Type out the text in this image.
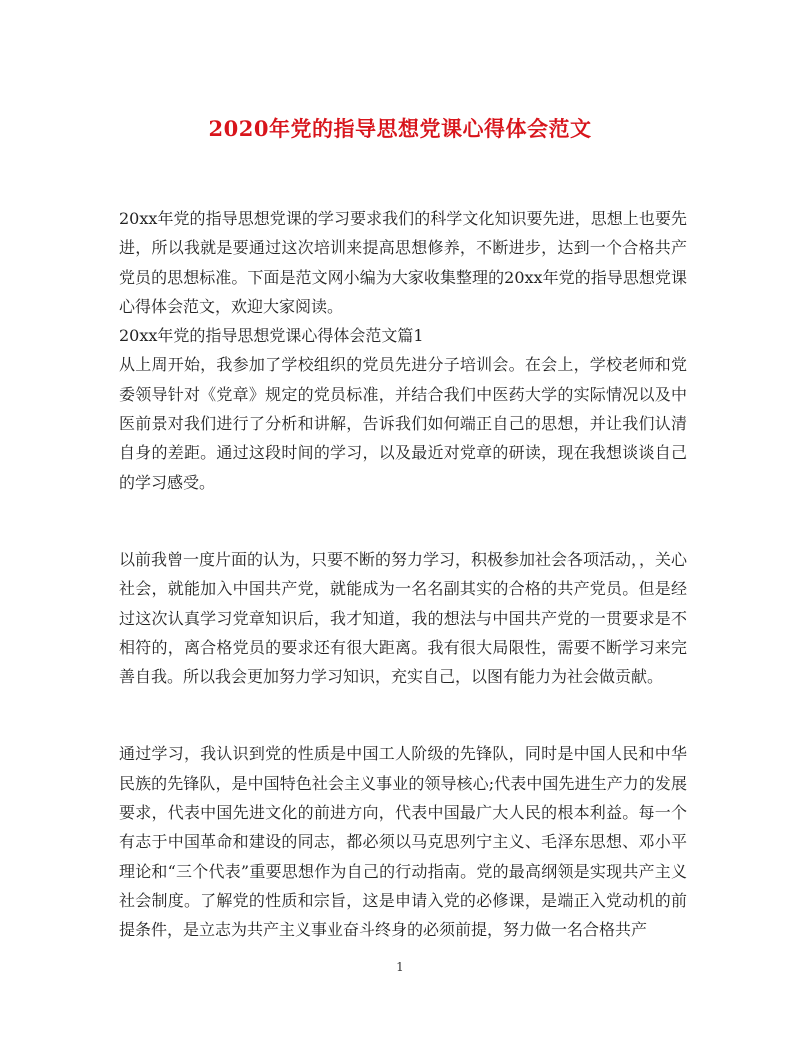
2020年党的指导思想党课心得体会范文

20xx年党的指导思想党课的学习要求我们的科学文化知识要先进，思想上也要先进，所以我就是要通过这次培训来提高思想修养，不断进步，达到一个合格共产党员的思想标准。下面是范文网小编为大家收集整理的20xx年党的指导思想党课心得体会范文，欢迎大家阅读。

20xx年党的指导思想党课心得体会范文篇1

从上周开始，我参加了学校组织的党员先进分子培训会。在会上，学校老师和党委领导针对《党章》规定的党员标准，并结合我们中医药大学的实际情况以及中医前景对我们进行了分析和讲解，告诉我们如何端正自己的思想，并让我们认清自身的差距。通过这段时间的学习，以及最近对党章的研读，现在我想谈谈自己的学习感受。

以前我曾一度片面的认为，只要不断的努力学习，积极参加社会各项活动，，关心社会，就能加入中国共产党，就能成为一名名副其实的合格的共产党员。但是经过这次认真学习党章知识后，我才知道，我的想法与中国共产党的一贯要求是不相符的，离合格党员的要求还有很大距离。我有很大局限性，需要不断学习来完善自我。所以我会更加努力学习知识，充实自己，以图有能力为社会做贡献。

通过学习，我认识到党的性质是中国工人阶级的先锋队，同时是中国人民和中华民族的先锋队，是中国特色社会主义事业的领导核心;代表中国先进生产力的发展要求，代表中国先进文化的前进方向，代表中国最广大人民的根本利益。每一个有志于中国革命和建设的同志，都必须以马克思列宁主义、毛泽东思想、邓小平理论和“三个代表”重要思想作为自己的行动指南。党的最高纲领是实现共产主义社会制度。了解党的性质和宗旨，这是申请入党的必修课，是端正入党动机的前提条件，是立志为共产主义事业奋斗终身的必须前提，努力做一名合格共产

1
